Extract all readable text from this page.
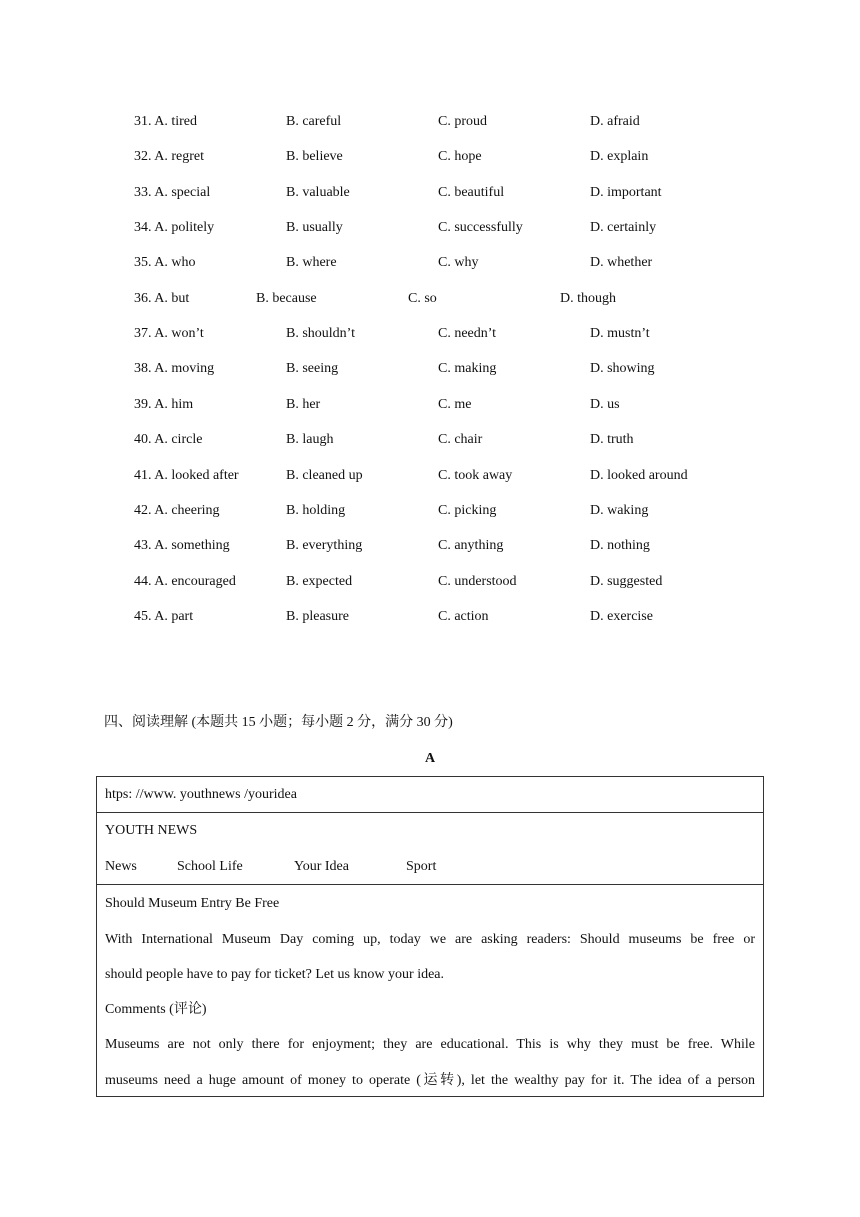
31. A. tired	B. careful	C. proud	D. afraid
32. A. regret	B. believe	C. hope	D. explain
33. A. special	B. valuable	C. beautiful	D. important
34. A. politely	B. usually	C. successfully	D. certainly
35. A. who	B. where	C. why	D. whether
36. A. but	B. because	C. so	D. though
37. A. won’t	B. shouldn’t	C. needn’t	D. mustn’t
38. A. moving	B. seeing	C. making	D. showing
39. A. him	B. her	C. me	D. us
40. A. circle	B. laugh	C. chair	D. truth
41. A. looked after	B. cleaned up	C. took away	D. looked around
42. A. cheering	B. holding	C. picking	D. waking
43. A. something	B. everything	C. anything	D. nothing
44. A. encouraged	B. expected	C. understood	D. suggested
45. A. part	B. pleasure	C. action	D. exercise
四、阅读理解 (本题共 15 小题；每小题 2 分，满分 30 分)
A
htps: //www. youthnews /youridea
YOUTH NEWS
News	School Life	Your Idea	Sport
Should Museum Entry Be Free
With International Museum Day coming up, today we are asking readers: Should museums be free or
should people have to pay for ticket? Let us know your idea.
Comments (评论)
Museums are not only there for enjoyment; they are educational. This is why they must be free. While
museums need a huge amount of money to operate (运转), let the wealthy pay for it. The idea of a person
